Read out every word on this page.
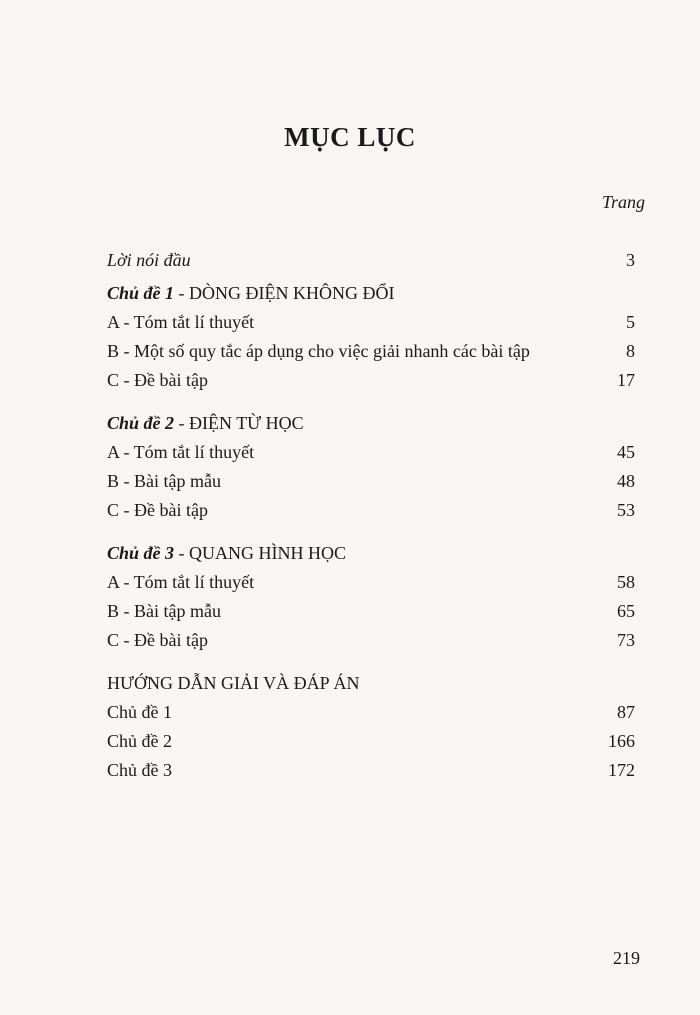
MỤC LỤC
Trang
Lời nói đầu	3
Chủ đề 1 - DÒNG ĐIỆN KHÔNG ĐỔI
A - Tóm tắt lí thuyết	5
B - Một số quy tắc áp dụng cho việc giải nhanh các bài tập	8
C - Đề bài tập	17
Chủ đề 2 - ĐIỆN TỪ HỌC
A - Tóm tắt lí thuyết	45
B - Bài tập mẫu	48
C - Đề bài tập	53
Chủ đề 3 - QUANG HÌNH HỌC
A - Tóm tắt lí thuyết	58
B - Bài tập mẫu	65
C - Đề bài tập	73
HƯỚNG DẪN GIẢI VÀ ĐÁP ÁN
Chủ đề 1	87
Chủ đề 2	166
Chủ đề 3	172
219
